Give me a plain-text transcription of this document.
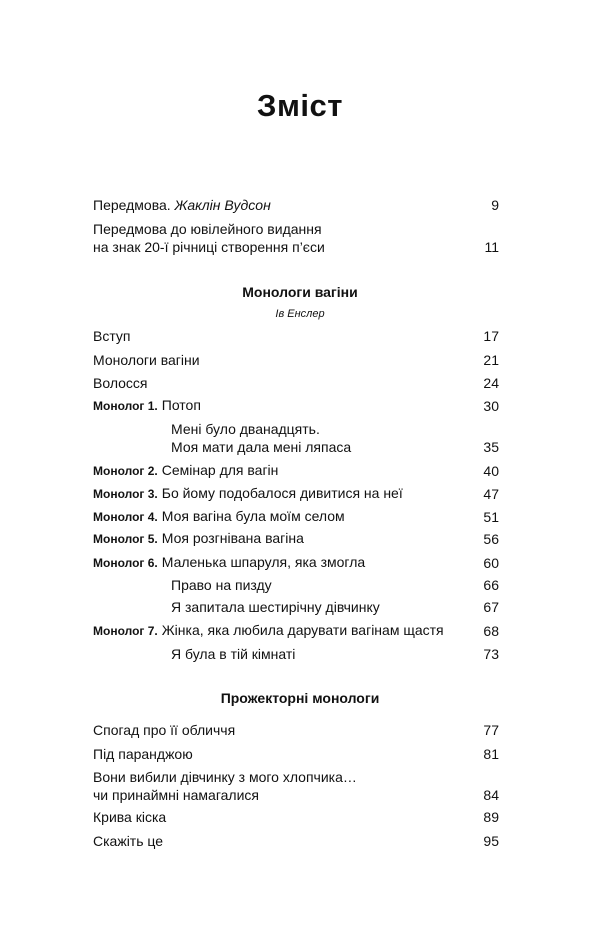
Зміст
Передмова. Жаклін Вудсон	9
Передмова до ювілейного видання
на знак 20-ї річниці створення п’єси	11
Монологи вагіни
Ів Енслер
Вступ	17
Монологи вагіни	21
Волосся	24
Монолог 1. Потоп	30
Мені було дванадцять.
Моя мати дала мені ляпаса	35
Монолог 2. Семінар для вагін	40
Монолог 3. Бо йому подобалося дивитися на неї	47
Монолог 4. Моя вагіна була моїм селом	51
Монолог 5. Моя розгнівана вагіна	56
Монолог 6. Маленька шпаруля, яка змогла	60
Право на пизду	66
Я запитала шестирічну дівчинку	67
Монолог 7. Жінка, яка любила дарувати вагінам щастя	68
Я була в тій кімнаті	73
Прожекторні монологи
Спогад про її обличчя	77
Під паранджою	81
Вони вибили дівчинку з мого хлопчика…
чи принаймні намагалися	84
Крива кіска	89
Скажіть це	95
